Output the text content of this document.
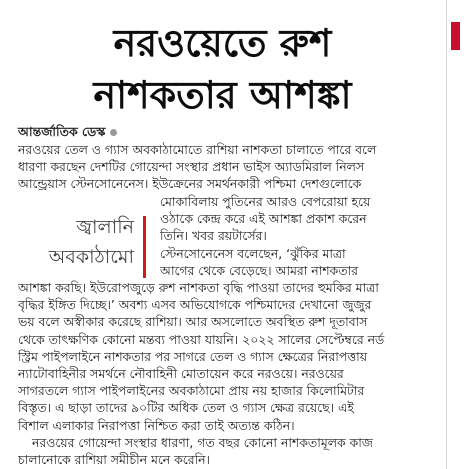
নরওয়েতে রুশ
নাশকতার আশঙ্কা
আন্তর্জাতিক ডেস্ক
নরওয়ের তেল ও গ্যাস অবকাঠামোতে রাশিয়া নাশকতা চালাতে পারে বলে
ধারণা করছেন দেশটির গোয়েন্দা সংস্থার প্রধান ভাইস অ্যাডমিরাল নিলস
আন্ড্রেয়াস স্টেনসোনেনেস। ইউক্রেনের সমর্থনকারী পশ্চিমা দেশগুলোকে
জ্বালানি
অবকাঠামো
মোকাবিলায় পুতিনের আরও বেপরোয়া হয়ে
ওঠাকে কেন্দ্র করে এই আশঙ্কা প্রকাশ করেন
তিনি। খবর রয়টার্সের।
স্টেনসোনেনেস বলেছেন, ‘ঝুঁকির মাত্রা
আগের থেকে বেড়েছে। আমরা নাশকতার
আশঙ্কা করছি। ইউরোপজুড়ে রুশ নাশকতা বৃদ্ধি পাওয়া তাদের হুমকির মাত্রা
বৃদ্ধির ইঙ্গিত দিচ্ছে।’ অবশ্য এসব অভিযোগকে পশ্চিমাদের দেখানো জুজুর
ভয় বলে অস্বীকার করেছে রাশিয়া। আর অসলোতে অবস্থিত রুশ দূতাবাস
থেকে তাৎক্ষণিক কোনো মন্তব্য পাওয়া যায়নি। ২০২২ সালের সেপ্টেম্বরে নর্ড
স্ট্রিম পাইপলাইনে নাশকতার পর সাগরে তেল ও গ্যাস ক্ষেত্রের নিরাপত্তায়
ন্যাটোবাহিনীর সমর্থনে নৌবাহিনী মোতায়েন করে নরওয়ে। নরওয়ের
সাগরতলে গ্যাস পাইপলাইনের অবকাঠামো প্রায় নয় হাজার কিলোমিটার
বিস্তৃত। এ ছাড়া তাদের ৯০টির অধিক তেল ও গ্যাস ক্ষেত্র রয়েছে। এই
বিশাল এলাকার নিরাপত্তা নিশ্চিত করা তাই অত্যন্ত কঠিন।
নরওয়ের গোয়েন্দা সংস্থার ধারণা, গত বছর কোনো নাশকতামূলক কাজ
চালানোকে রাশিয়া সমীচীন মনে করেনি।
